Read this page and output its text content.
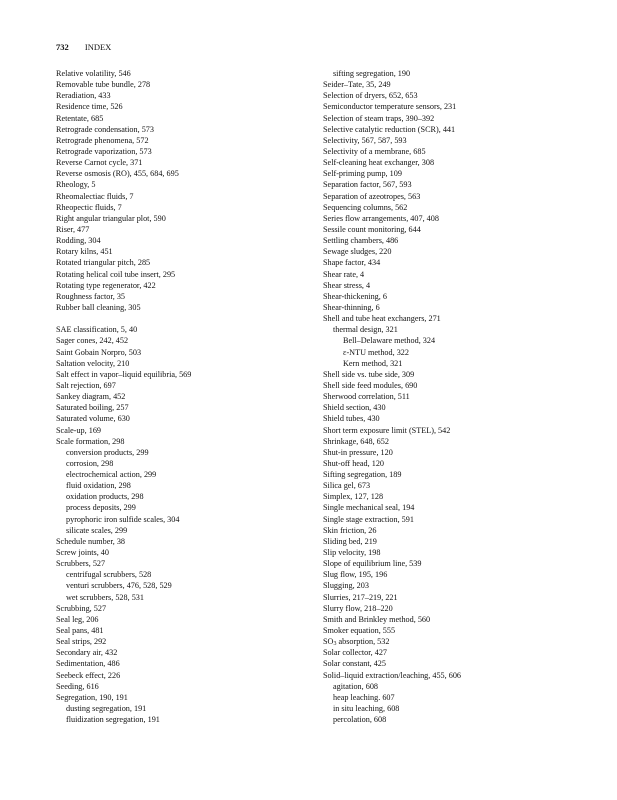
732 INDEX
Relative volatility, 546
Removable tube bundle, 278
Reradiation, 433
Residence time, 526
Retentate, 685
Retrograde condensation, 573
Retrograde phenomena, 572
Retrograde vaporization, 573
Reverse Carnot cycle, 371
Reverse osmosis (RO), 455, 684, 695
Rheology, 5
Rheomalectiac fluids, 7
Rheopectic fluids, 7
Right angular triangular plot, 590
Riser, 477
Rodding, 304
Rotary kilns, 451
Rotated triangular pitch, 285
Rotating helical coil tube insert, 295
Rotating type regenerator, 422
Roughness factor, 35
Rubber ball cleaning, 305
SAE classification, 5, 40
Sager cones, 242, 452
Saint Gobain Norpro, 503
Saltation velocity, 210
Salt effect in vapor–liquid equilibria, 569
Salt rejection, 697
Sankey diagram, 452
Saturated boiling, 257
Saturated volume, 630
Scale-up, 169
Scale formation, 298
conversion products, 299
corrosion, 298
electrochemical action, 299
fluid oxidation, 298
oxidation products, 298
process deposits, 299
pyrophoric iron sulfide scales, 304
silicate scales, 299
Schedule number, 38
Screw joints, 40
Scrubbers, 527
centrifugal scrubbers, 528
venturi scrubbers, 476, 528, 529
wet scrubbers, 528, 531
Scrubbing, 527
Seal leg, 206
Seal pans, 481
Seal strips, 292
Secondary air, 432
Sedimentation, 486
Seebeck effect, 226
Seeding, 616
Segregation, 190, 191
dusting segregation, 191
fluidization segregation, 191
sifting segregation, 190
Seider–Tate, 35, 249
Selection of dryers, 652, 653
Semiconductor temperature sensors, 231
Selection of steam traps, 390–392
Selective catalytic reduction (SCR), 441
Selectivity, 567, 587, 593
Selectivity of a membrane, 685
Self-cleaning heat exchanger, 308
Self-priming pump, 109
Separation factor, 567, 593
Separation of azeotropes, 563
Sequencing columns, 562
Series flow arrangements, 407, 408
Sessile count monitoring, 644
Settling chambers, 486
Sewage sludges, 220
Shape factor, 434
Shear rate, 4
Shear stress, 4
Shear-thickening, 6
Shear-thinning, 6
Shell and tube heat exchangers, 271
thermal design, 321
Bell–Delaware method, 324
ε-NTU method, 322
Kern method, 321
Shell side vs. tube side, 309
Shell side feed modules, 690
Sherwood correlation, 511
Shield section, 430
Shield tubes, 430
Short term exposure limit (STEL), 542
Shrinkage, 648, 652
Shut-in pressure, 120
Shut-off head, 120
Sifting segregation, 189
Silica gel, 673
Simplex, 127, 128
Single mechanical seal, 194
Single stage extraction, 591
Skin friction, 26
Sliding bed, 219
Slip velocity, 198
Slope of equilibrium line, 539
Slug flow, 195, 196
Slugging, 203
Slurries, 217–219, 221
Slurry flow, 218–220
Smith and Brinkley method, 560
Smoker equation, 555
$SO_3$ absorption, 532
Solar collector, 427
Solar constant, 425
Solid–liquid extraction/leaching, 455, 606
agitation, 608
heap leaching. 607
in situ leaching, 608
percolation, 608
